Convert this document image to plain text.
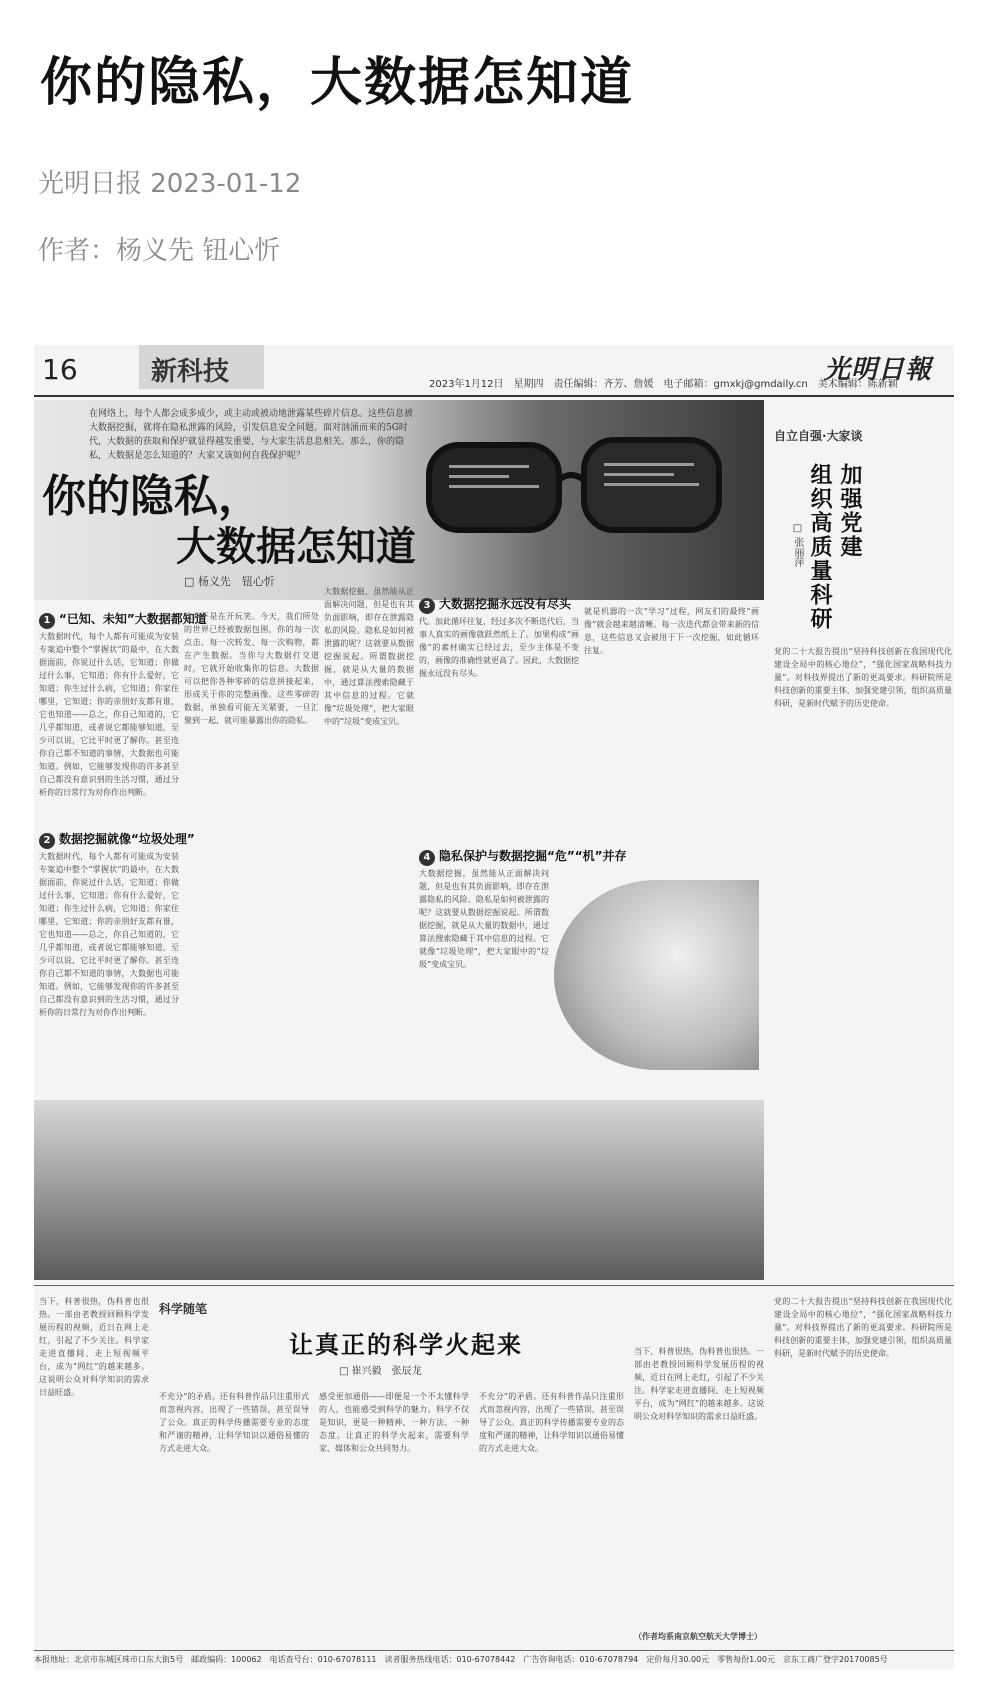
你的隐私，大数据怎知道
光明日报 2023-01-12
作者：杨义先 钮心忻
16	新科技	2023年1月12日　星期四　责任编辑：齐芳、詹媛　电子邮箱：gmxkj@gmdaily.cn　美术编辑：陈新颖
光明日報
在网络上，每个人都会成多成少，或主动或被动地泄露某些碎片信息。这些信息被大数据挖掘，就将在隐私泄露的风险，引发信息安全问题。面对汹涌而来的5G时代，大数据的获取和保护就显得越发重要，与大家生活息息相关。那么，你的隐私，大数据是怎么知道的？大家又该如何自我保护呢？
你的隐私，
大数据怎知道
□ 杨义先　钮心忻
1 “已知、未知”大数据都知道
2 数据挖掘就像“垃圾处理”
3 大数据挖掘永远没有尽头
4 隐私保护与数据挖掘“危”“机”并存
大数据时代，每个人都有可能成为安装专案追中整个“掌握状”的最中，在大数据面前，你说过什么话，它知道；你做过什么事，它知道；你有什么爱好，它知道；你生过什么病，它知道；你家住哪里，它知道；你的亲朋好友都有谁，它也知道——总之，你自己知道的，它几乎都知道，或者说它都能够知道，至少可以说，它比平时更了解你。甚至连你自己都不知道的事情，大数据也可能知道。例如，它能够发现你的许多甚至自己都没有意识到的生活习惯，通过分析你的日常行为对你作出判断。
这并不是在开玩笑。今天，我们所处的世界已经被数据包围，你的每一次点击、每一次转发、每一次购物，都在产生数据。当你与大数据打交道时，它就开始收集你的信息。大数据可以把你各种零碎的信息拼接起来，形成关于你的完整画像。这些零碎的数据，单独看可能无关紧要，一旦汇聚到一起，就可能暴露出你的隐私。
大数据挖掘，虽然能从正面解决问题，但是也有其负面影响，即存在泄露隐私的风险。隐私是如何被泄露的呢？这就要从数据挖掘说起。所谓数据挖掘，就是从大量的数据中，通过算法搜索隐藏于其中信息的过程。它就像“垃圾处理”，把大家眼中的“垃圾”变成宝贝。
代。加此循环往复，经过多次不断迭代后，当事人真实的画像就跃然纸上了。加果构成“画像”的素材确实已经过去，至少主体是不变的，画像的准确性就更高了。因此，大数据挖掘永远没有尽头。
就是机器的一次“学习”过程，网友们的最终“画像”就会越来越清晰。每一次迭代都会带来新的信息，这些信息又会被用于下一次挖掘，如此循环往复。
大数据时代，每个人都有可能成为安装专案追中整个“掌握状”的最中，在大数据面前，你说过什么话，它知道；你做过什么事，它知道；你有什么爱好，它知道；你生过什么病，它知道；你家住哪里，它知道；你的亲朋好友都有谁，它也知道——总之，你自己知道的，它几乎都知道，或者说它都能够知道，至少可以说，它比平时更了解你。甚至连你自己都不知道的事情，大数据也可能知道。例如，它能够发现你的许多甚至自己都没有意识到的生活习惯，通过分析你的日常行为对你作出判断。
大数据挖掘，虽然能从正面解决问题，但是也有其负面影响，即存在泄露隐私的风险。隐私是如何被泄露的呢？这就要从数据挖掘说起。所谓数据挖掘，就是从大量的数据中，通过算法搜索隐藏于其中信息的过程。它就像“垃圾处理”，把大家眼中的“垃圾”变成宝贝。
自立自强·大家谈
加强党建
组织高质量科研
□ 张丽萍
党的二十大报告提出“坚持科技创新在我国现代化建设全局中的核心地位”，“强化国家战略科技力量”。对科技界提出了新的更高要求。科研院所是科技创新的重要主体，加强党建引领，组织高质量科研，是新时代赋予的历史使命。
当下，科普很热，伪科普也很热。一部由老教授回顾科学发展历程的视频，近日在网上走红，引起了不少关注。科学家走进直播间、走上短视频平台，成为“网红”的越来越多。这说明公众对科学知识的需求日益旺盛。
科学随笔
让真正的科学火起来
□ 崔兴毅　张辰龙
不充分”的矛盾。还有科普作品只注重形式而忽视内容，出现了一些错误，甚至误导了公众。真正的科学传播需要专业的态度和严谨的精神，让科学知识以通俗易懂的方式走进大众。
感受更加通俗——即便是一个不太懂科学的人，也能感受到科学的魅力。科学不仅是知识，更是一种精神、一种方法、一种态度。让真正的科学火起来，需要科学家、媒体和公众共同努力。
不充分”的矛盾。还有科普作品只注重形式而忽视内容，出现了一些错误，甚至误导了公众。真正的科学传播需要专业的态度和严谨的精神，让科学知识以通俗易懂的方式走进大众。
当下，科普很热，伪科普也很热。一部由老教授回顾科学发展历程的视频，近日在网上走红，引起了不少关注。科学家走进直播间、走上短视频平台，成为“网红”的越来越多。这说明公众对科学知识的需求日益旺盛。
（作者均系南京航空航天大学博士）
党的二十大报告提出“坚持科技创新在我国现代化建设全局中的核心地位”，“强化国家战略科技力量”。对科技界提出了新的更高要求。科研院所是科技创新的重要主体，加强党建引领，组织高质量科研，是新时代赋予的历史使命。
本报地址：北京市东城区珠市口东大街5号　邮政编码：100062　电话查号台：010-67078111　读者服务热线电话：010-67078442　广告咨询电话：010-67078794　定价每月30.00元　零售每份1.00元　京东工商广登字20170085号
